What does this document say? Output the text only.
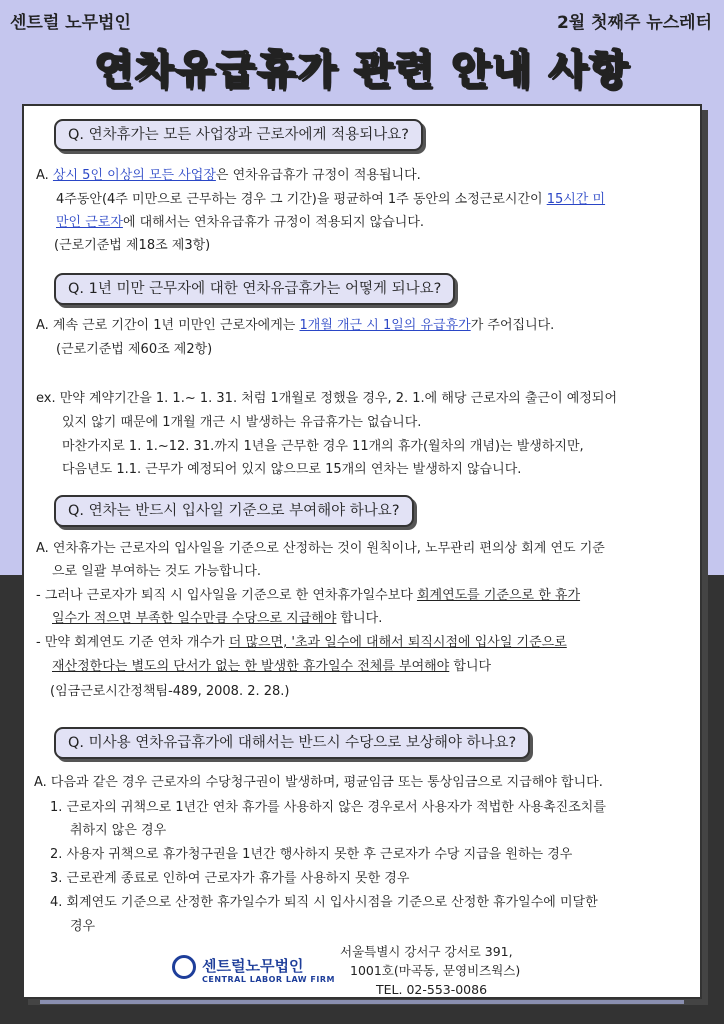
센트럴 노무법인	2월 첫째주 뉴스레터
연차유급휴가 관련 안내 사항
Q. 연차휴가는 모든 사업장과 근로자에게 적용되나요?
A. 상시 5인 이상의 모든 사업장은 연차유급휴가 규정이 적용됩니다.
4주동안(4주 미만으로 근무하는 경우 그 기간)을 평균하여 1주 동안의 소정근로시간이 15시간 미
만인 근로자에 대해서는 연차유급휴가 규정이 적용되지 않습니다.
(근로기준법 제18조 제3항)
Q. 1년 미만 근무자에 대한 연차유급휴가는 어떻게 되나요?
A. 계속 근로 기간이 1년 미만인 근로자에게는 1개월 개근 시 1일의 유급휴가가 주어집니다.
(근로기준법 제60조 제2항)
ex. 만약 계약기간을 1. 1.~ 1. 31. 처럼 1개월로 정했을 경우, 2. 1.에 해당 근로자의 출근이 예정되어
있지 않기 때문에 1개월 개근 시 발생하는 유급휴가는 없습니다.
마찬가지로 1. 1.~12. 31.까지 1년을 근무한 경우 11개의 휴가(월차의 개념)는 발생하지만,
다음년도 1.1. 근무가 예정되어 있지 않으므로 15개의 연차는 발생하지 않습니다.
Q. 연차는 반드시 입사일 기준으로 부여해야 하나요?
A. 연차휴가는 근로자의 입사일을 기준으로 산정하는 것이 원칙이나, 노무관리 편의상 회계 연도 기준
으로 일괄 부여하는 것도 가능합니다.
- 그러나 근로자가 퇴직 시 입사일을 기준으로 한 연차휴가일수보다 회계연도를 기준으로 한 휴가
일수가 적으면 부족한 일수만큼 수당으로 지급해야 합니다.
- 만약 회계연도 기준 연차 개수가 더 많으면, '초과 일수에 대해서 퇴직시점에 입사일 기준으로
재산정한다는 별도의 단서가 없는 한 발생한 휴가일수 전체를 부여해야 합니다
(임금근로시간정책팀-489, 2008. 2. 28.)
Q. 미사용 연차유급휴가에 대해서는 반드시 수당으로 보상해야 하나요?
A. 다음과 같은 경우 근로자의 수당청구권이 발생하며, 평균임금 또는 통상임금으로 지급해야 합니다.
1. 근로자의 귀책으로 1년간 연차 휴가를 사용하지 않은 경우로서 사용자가 적법한 사용촉진조치를
취하지 않은 경우
2. 사용자 귀책으로 휴가청구권을 1년간 행사하지 못한 후 근로자가 수당 지급을 원하는 경우
3. 근로관계 종료로 인하여 근로자가 휴가를 사용하지 못한 경우
4. 회계연도 기준으로 산정한 휴가일수가 퇴직 시 입사시점을 기준으로 산정한 휴가일수에 미달한
경우
센트럴노무법인
CENTRAL LABOR LAW FIRM
서울특별시 강서구 강서로 391,
1001호(마곡동, 문영비즈웍스)
TEL. 02-553-0086
